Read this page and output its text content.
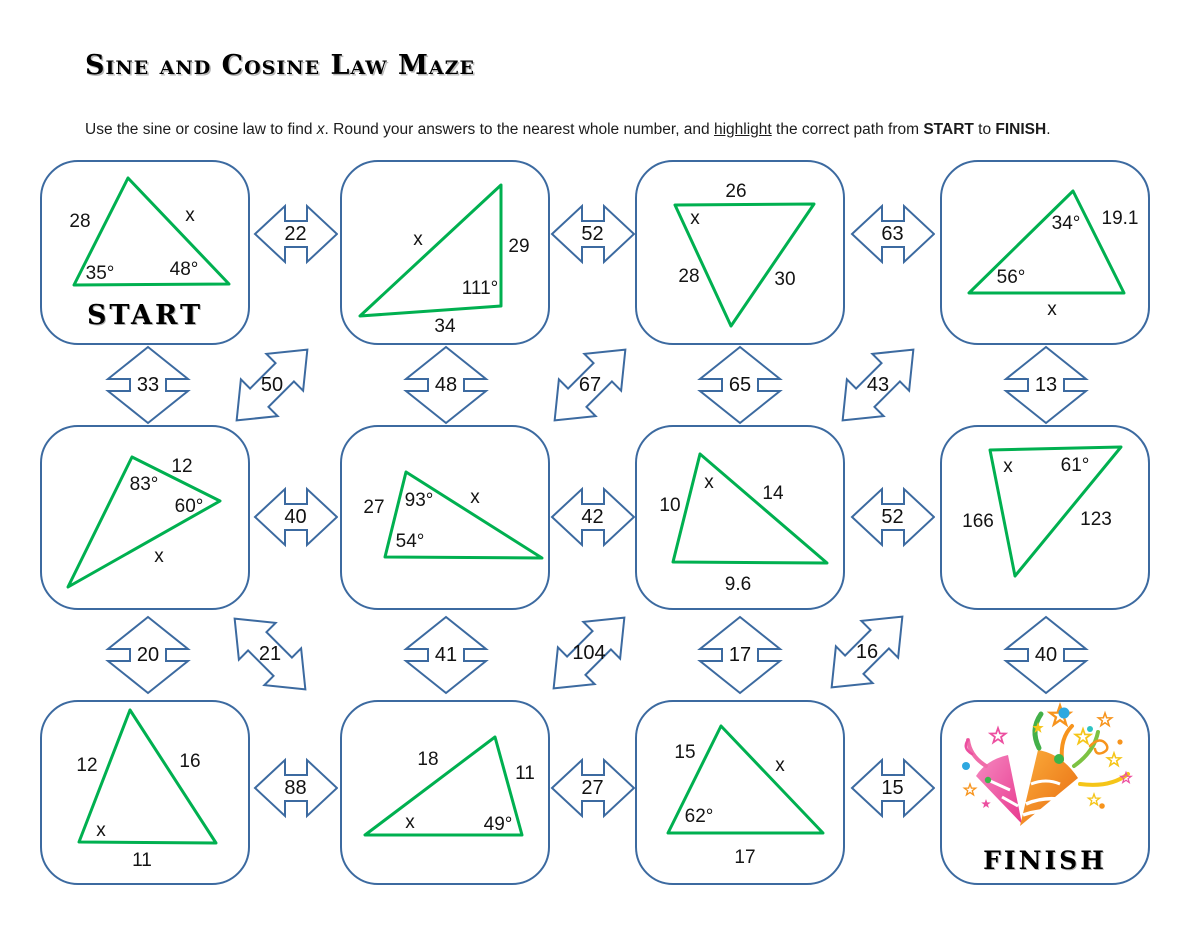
Sine and Cosine Law Maze

Use the sine or cosine law to find x. Round your answers to the nearest whole number, and highlight the correct path from START to FINISH.

28	x
35°	48°
START
x	29
111°
34
26
x
28	30
34° 19.1
56°
x
12
83°
60°
x
27 93° x
54°
10
x
14
9.6
x	61°
166	123
12	16
x
11
18
11
x	49°
15
x
62°
17	FINISH
22	52	63
40	42	52
88	27	15
33	48	65	13
20	41	17	40
50	67	43
21	104	16
